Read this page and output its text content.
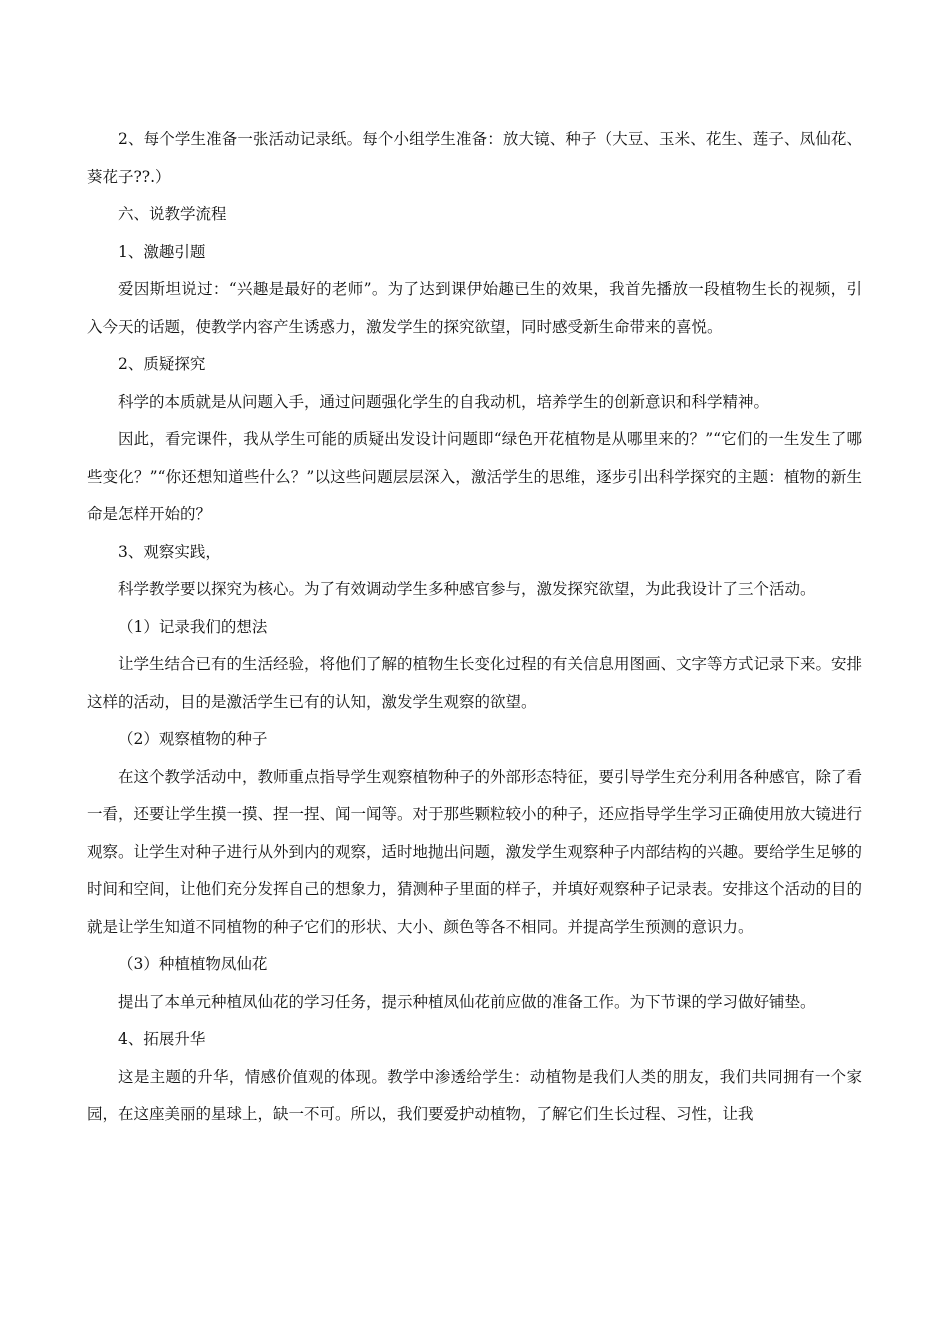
2、每个学生准备一张活动记录纸。每个小组学生准备：放大镜、种子（大豆、玉米、花生、莲子、凤仙花、葵花子??.）

六、说教学流程

1、激趣引题

爱因斯坦说过：“兴趣是最好的老师”。为了达到课伊始趣已生的效果，我首先播放一段植物生长的视频，引入今天的话题，使教学内容产生诱惑力，激发学生的探究欲望，同时感受新生命带来的喜悦。

2、质疑探究

科学的本质就是从问题入手，通过问题强化学生的自我动机，培养学生的创新意识和科学精神。

因此，看完课件，我从学生可能的质疑出发设计问题即“绿色开花植物是从哪里来的？”“它们的一生发生了哪些变化？”“你还想知道些什么？”以这些问题层层深入，激活学生的思维，逐步引出科学探究的主题：植物的新生命是怎样开始的？

3、观察实践，

科学教学要以探究为核心。为了有效调动学生多种感官参与，激发探究欲望，为此我设计了三个活动。

（1）记录我们的想法

让学生结合已有的生活经验，将他们了解的植物生长变化过程的有关信息用图画、文字等方式记录下来。安排这样的活动，目的是激活学生已有的认知，激发学生观察的欲望。

（2）观察植物的种子

在这个教学活动中，教师重点指导学生观察植物种子的外部形态特征，要引导学生充分利用各种感官，除了看一看，还要让学生摸一摸、捏一捏、闻一闻等。对于那些颗粒较小的种子，还应指导学生学习正确使用放大镜进行观察。让学生对种子进行从外到内的观察，适时地抛出问题，激发学生观察种子内部结构的兴趣。要给学生足够的时间和空间，让他们充分发挥自己的想象力，猜测种子里面的样子，并填好观察种子记录表。安排这个活动的目的就是让学生知道不同植物的种子它们的形状、大小、颜色等各不相同。并提高学生预测的意识力。

（3）种植植物凤仙花

提出了本单元种植凤仙花的学习任务，提示种植凤仙花前应做的准备工作。为下节课的学习做好铺垫。

4、拓展升华

这是主题的升华，情感价值观的体现。教学中渗透给学生：动植物是我们人类的朋友，我们共同拥有一个家园，在这座美丽的星球上，缺一不可。所以，我们要爱护动植物，了解它们生长过程、习性，让我
